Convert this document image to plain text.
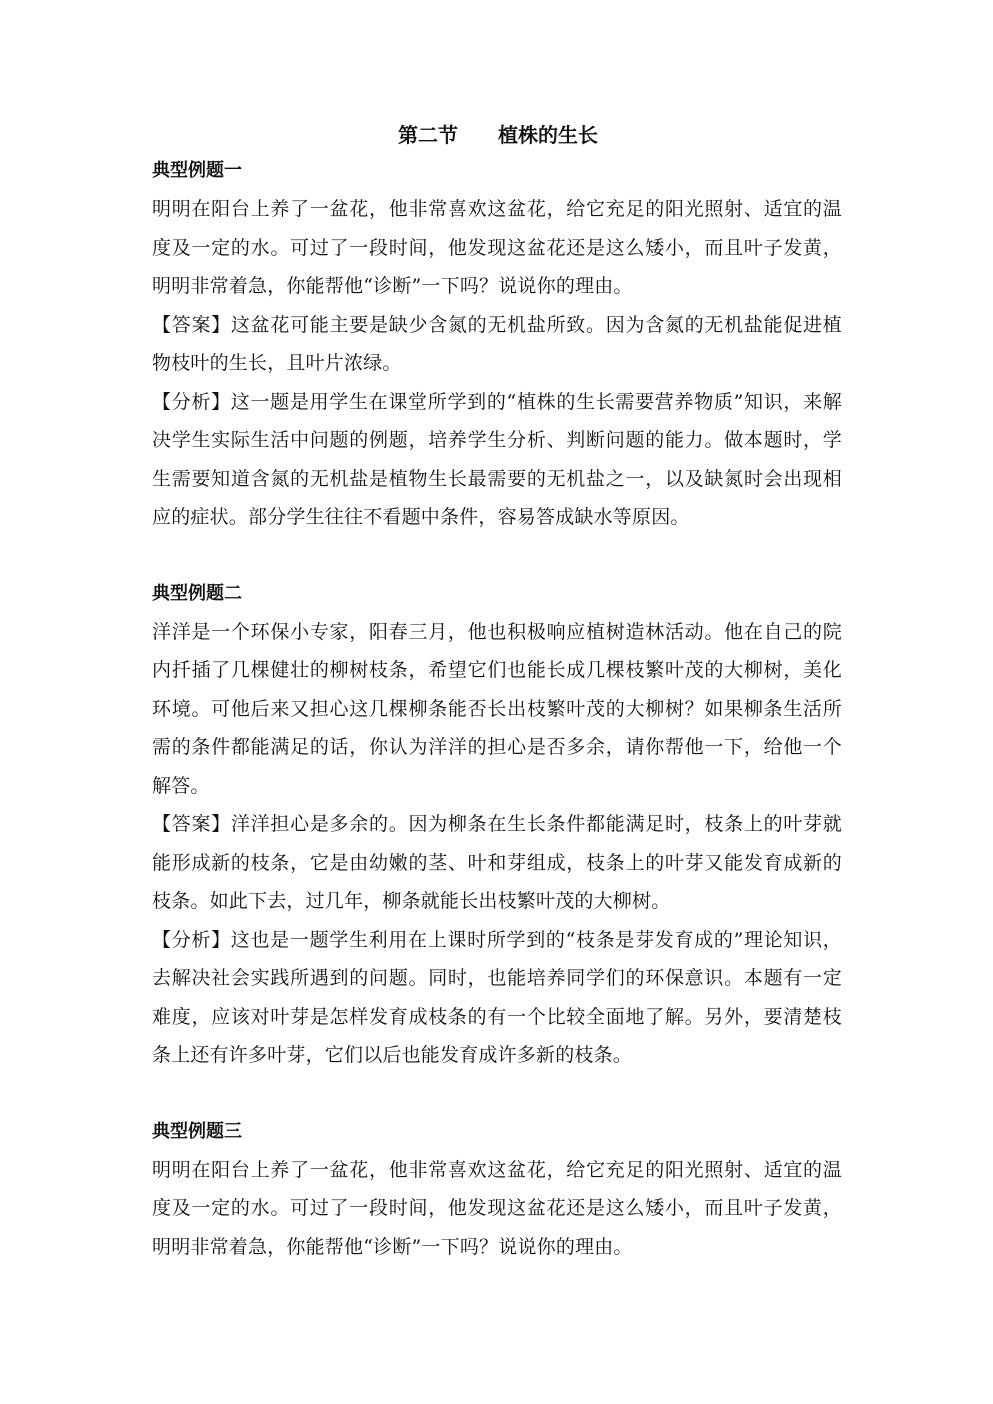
第二节　　植株的生长

典型例题一

明明在阳台上养了一盆花，他非常喜欢这盆花，给它充足的阳光照射、适宜的温度及一定的水。可过了一段时间，他发现这盆花还是这么矮小，而且叶子发黄，明明非常着急，你能帮他“诊断”一下吗？说说你的理由。

【答案】这盆花可能主要是缺少含氮的无机盐所致。因为含氮的无机盐能促进植物枝叶的生长，且叶片浓绿。

【分析】这一题是用学生在课堂所学到的“植株的生长需要营养物质”知识，来解决学生实际生活中问题的例题，培养学生分析、判断问题的能力。做本题时，学生需要知道含氮的无机盐是植物生长最需要的无机盐之一，以及缺氮时会出现相应的症状。部分学生往往不看题中条件，容易答成缺水等原因。

典型例题二

洋洋是一个环保小专家，阳春三月，他也积极响应植树造林活动。他在自己的院内扦插了几棵健壮的柳树枝条，希望它们也能长成几棵枝繁叶茂的大柳树，美化环境。可他后来又担心这几棵柳条能否长出枝繁叶茂的大柳树？如果柳条生活所需的条件都能满足的话，你认为洋洋的担心是否多余，请你帮他一下，给他一个解答。

【答案】洋洋担心是多余的。因为柳条在生长条件都能满足时，枝条上的叶芽就能形成新的枝条，它是由幼嫩的茎、叶和芽组成，枝条上的叶芽又能发育成新的枝条。如此下去，过几年，柳条就能长出枝繁叶茂的大柳树。

【分析】这也是一题学生利用在上课时所学到的“枝条是芽发育成的”理论知识，去解决社会实践所遇到的问题。同时，也能培养同学们的环保意识。本题有一定难度，应该对叶芽是怎样发育成枝条的有一个比较全面地了解。另外，要清楚枝条上还有许多叶芽，它们以后也能发育成许多新的枝条。

典型例题三

明明在阳台上养了一盆花，他非常喜欢这盆花，给它充足的阳光照射、适宜的温度及一定的水。可过了一段时间，他发现这盆花还是这么矮小，而且叶子发黄，明明非常着急，你能帮他“诊断”一下吗？说说你的理由。
